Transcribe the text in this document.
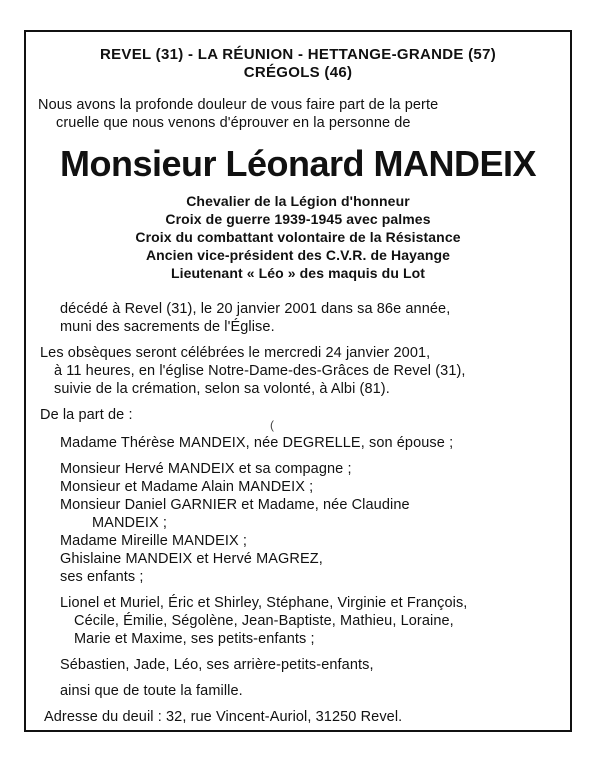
REVEL (31) - LA RÉUNION - HETTANGE-GRANDE (57)
CRÉGOLS (46)
Nous avons la profonde douleur de vous faire part de la perte
cruelle que nous venons d'éprouver en la personne de
Monsieur Léonard MANDEIX
Chevalier de la Légion d'honneur
Croix de guerre 1939-1945 avec palmes
Croix du combattant volontaire de la Résistance
Ancien vice-président des C.V.R. de Hayange
Lieutenant « Léo » des maquis du Lot
décédé à Revel (31), le 20 janvier 2001 dans sa 86e année,
muni des sacrements de l'Église.
Les obsèques seront célébrées le mercredi 24 janvier 2001,
à 11 heures, en l'église Notre-Dame-des-Grâces de Revel (31),
suivie de la crémation, selon sa volonté, à Albi (81).
De la part de :
(
Madame Thérèse MANDEIX, née DEGRELLE, son épouse ;
Monsieur Hervé MANDEIX et sa compagne ;
Monsieur et Madame Alain MANDEIX ;
Monsieur Daniel GARNIER et Madame, née Claudine
MANDEIX ;
Madame Mireille MANDEIX ;
Ghislaine MANDEIX et Hervé MAGREZ,
ses enfants ;
Lionel et Muriel, Éric et Shirley, Stéphane, Virginie et François,
Cécile, Émilie, Ségolène, Jean-Baptiste, Mathieu, Loraine,
Marie et Maxime, ses petits-enfants ;
Sébastien, Jade, Léo, ses arrière-petits-enfants,
ainsi que de toute la famille.
Adresse du deuil : 32, rue Vincent-Auriol, 31250 Revel.
